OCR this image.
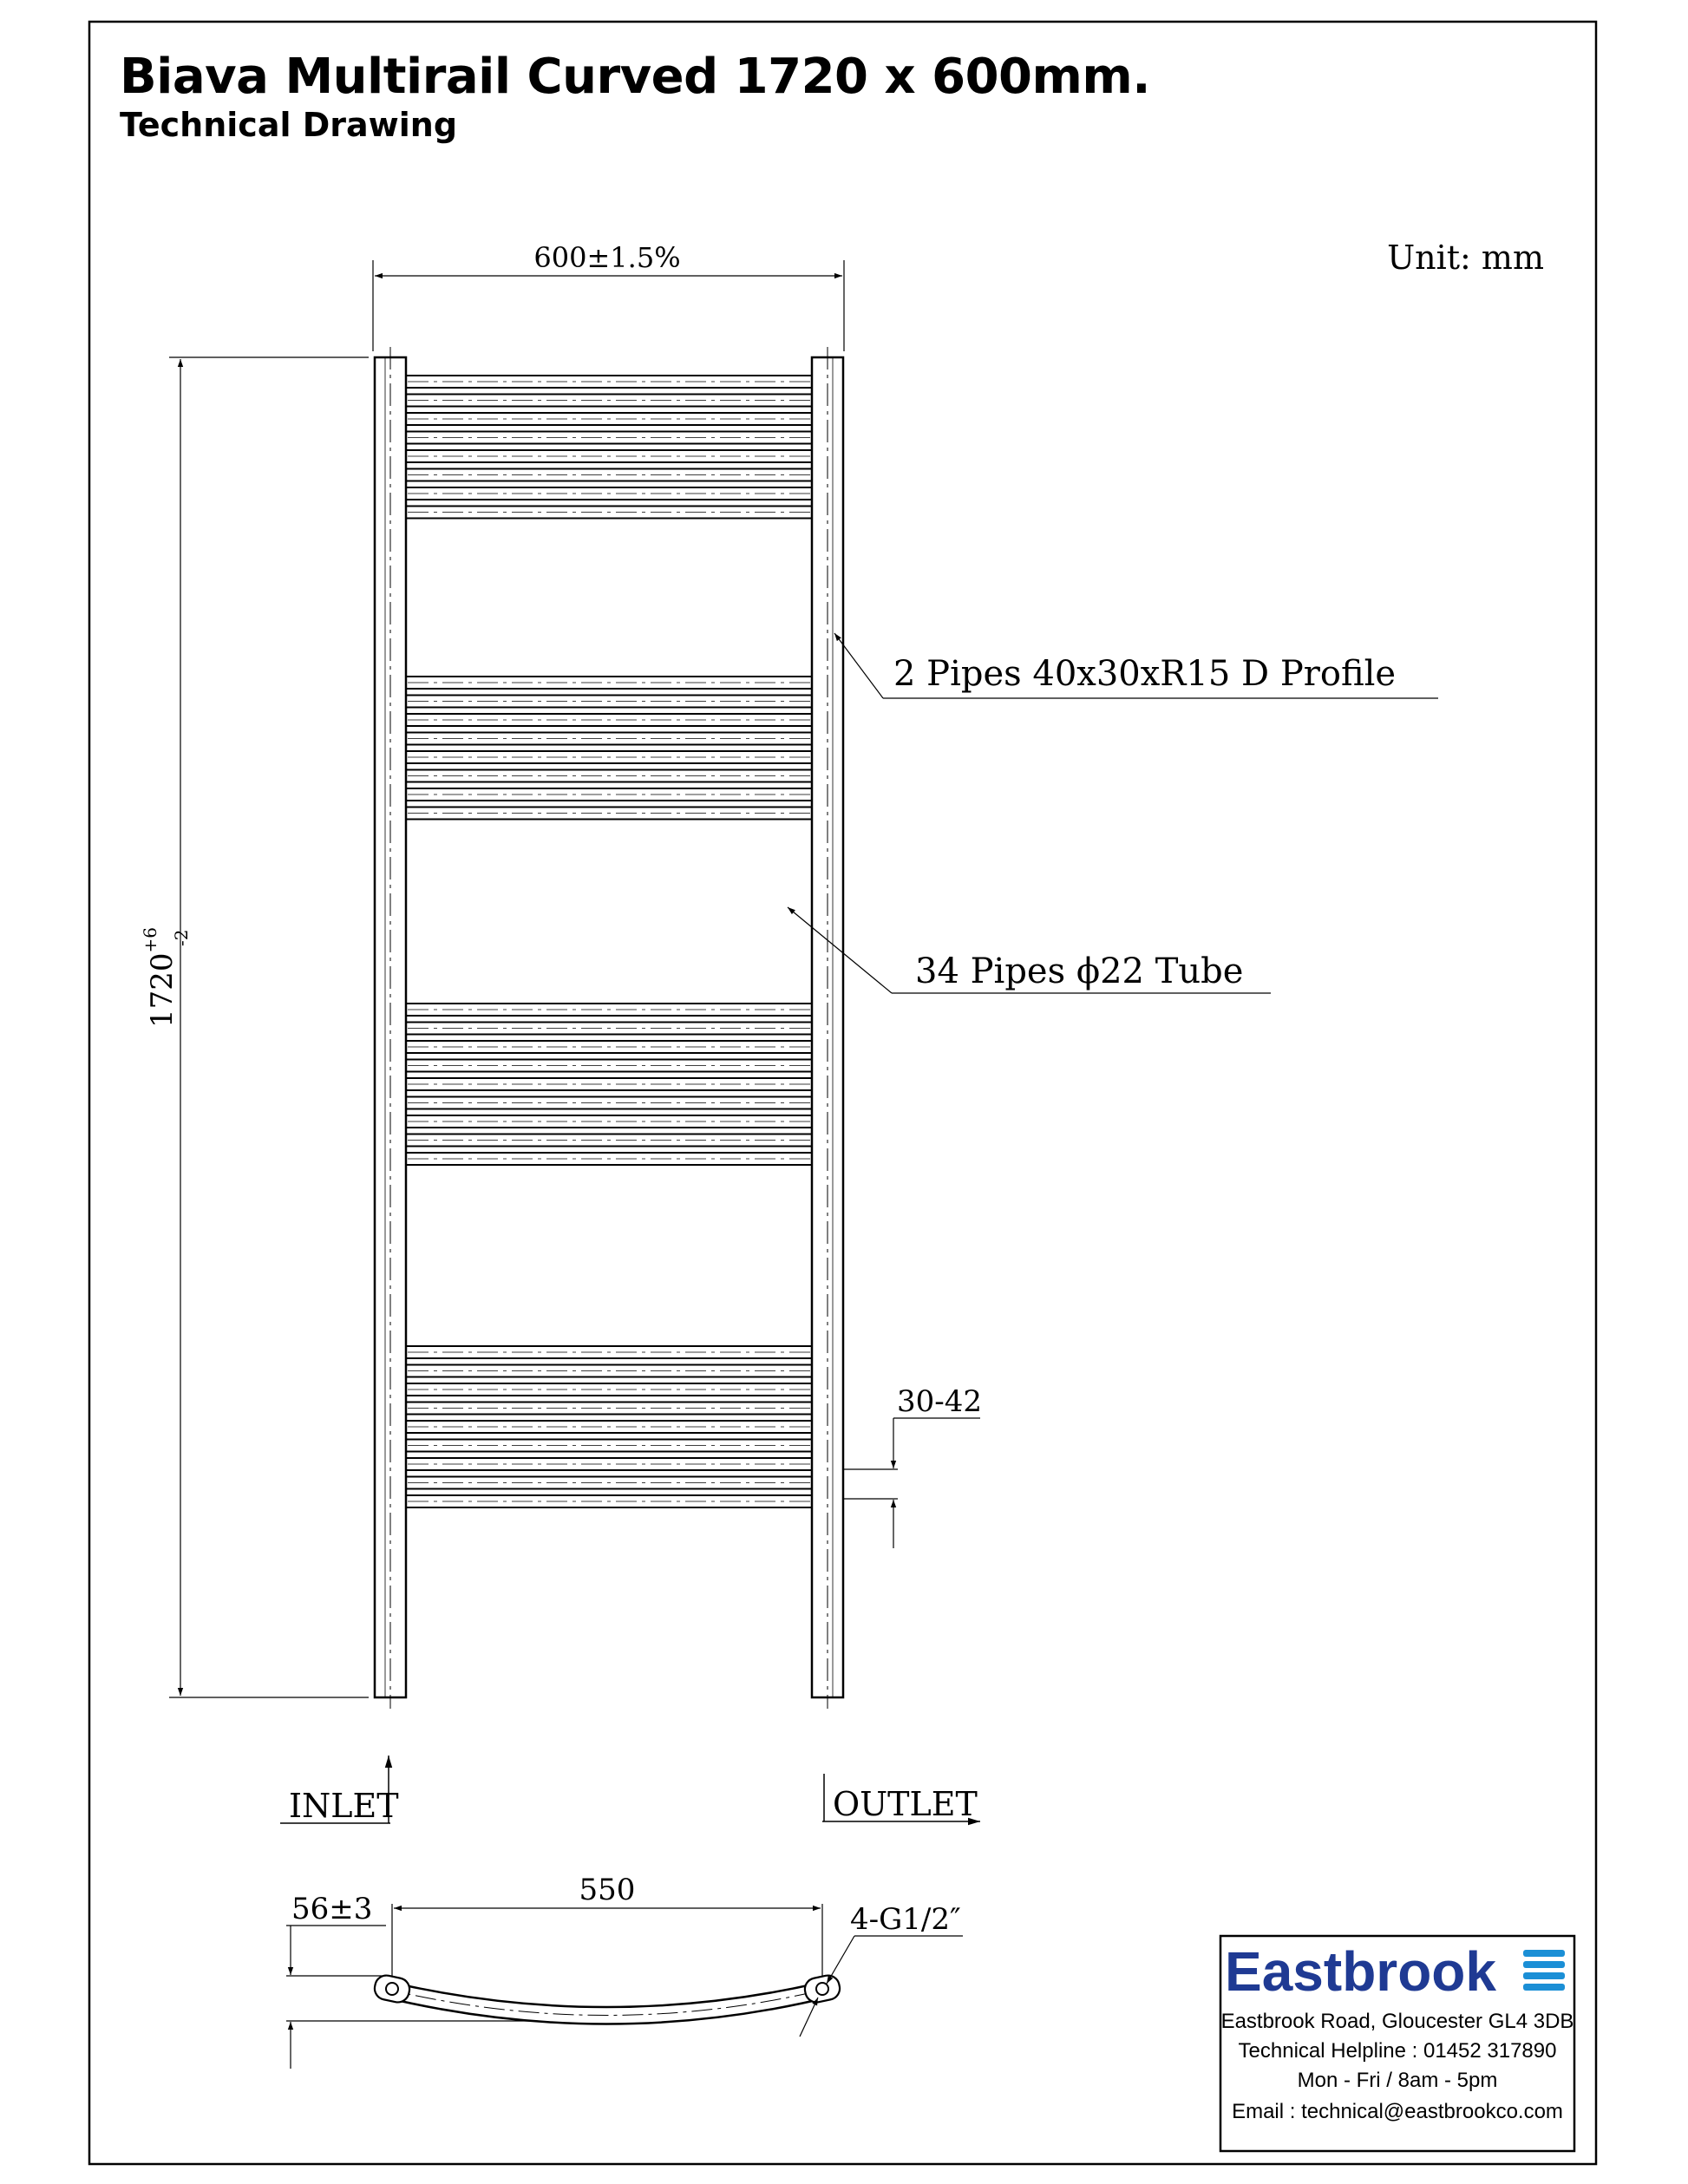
Biava Multirail Curved 1720 x 600mm.
Technical Drawing
600±1.5%
$1720^{+6}$ -2
Unit: mm
2 Pipes 40x30xR15 D Profile
34 Pipes ϕ22 Tube
30-42
INLET	OUTLET
550
56±3	4-G1/2″
Eastbrook
Eastbrook Road, Gloucester GL4 3DB
Technical Helpline : 01452 317890
Mon - Fri / 8am - 5pm
Email : technical@eastbrookco.com
